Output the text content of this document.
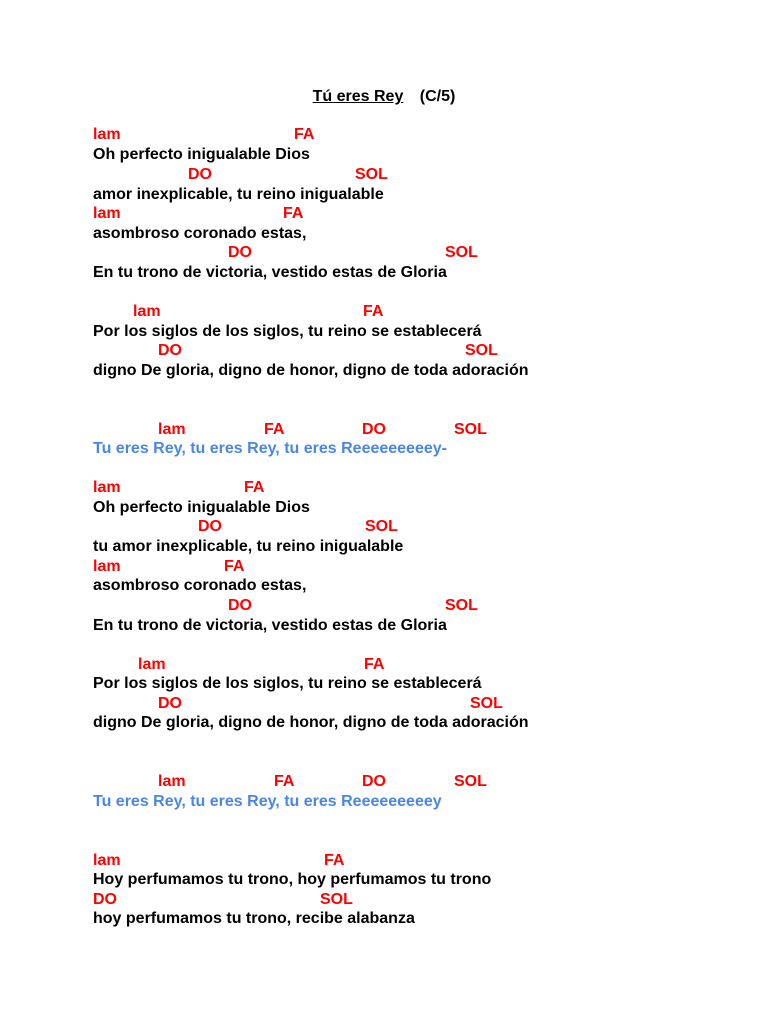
Tú eres Rey (C/5)
lam	FA
Oh perfecto inigualable Dios
DO	SOL
amor inexplicable, tu reino inigualable
lam	FA
asombroso coronado estas,
DO	SOL
En tu trono de victoria, vestido estas de Gloria
lam	FA
Por los siglos de los siglos, tu reino se establecerá
DO	SOL
digno De gloria, digno de honor, digno de toda adoración
lam	FA	DO	SOL
Tu eres Rey, tu eres Rey, tu eres Reeeeeeeeey-
lam	FA
Oh perfecto inigualable Dios
DO	SOL
tu amor inexplicable, tu reino inigualable
lam	FA
asombroso coronado estas,
DO	SOL
En tu trono de victoria, vestido estas de Gloria
lam	FA
Por los siglos de los siglos, tu reino se establecerá
DO	SOL
digno De gloria, digno de honor, digno de toda adoración
lam	FA	DO	SOL
Tu eres Rey, tu eres Rey, tu eres Reeeeeeeeey
lam	FA
Hoy perfumamos tu trono, hoy perfumamos tu trono
DO	SOL
hoy perfumamos tu trono, recibe alabanza
